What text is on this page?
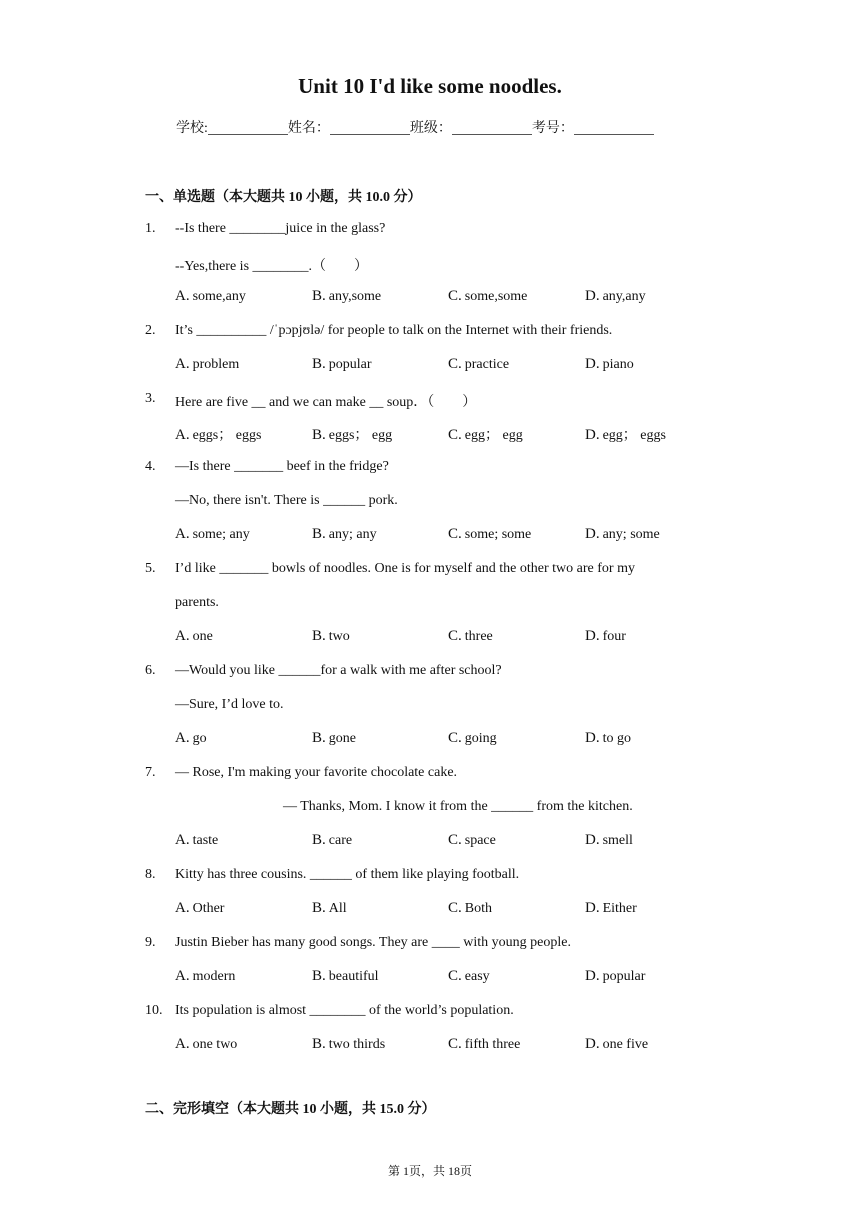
Unit 10 I'd like some noodles.
学校:	姓名：	班级：	考号：
一、单选题（本大题共 10 小题，共 10.0 分）
1. --Is there ________juice in the glass?
--Yes,there is ________.（　　）
A. some,any	B. any,some	C. some,some	D. any,any
2. It’s __________ /ˈpɔpjʊlə/ for people to talk on the Internet with their friends.
A. problem	B. popular	C. practice	D. piano
3. Here are five __ and we can make __ soup．（　　）
A. eggs； eggs	B. eggs； egg	C. egg； egg	D. egg； eggs
4. —Is there _______ beef in the fridge?
—No, there isn't. There is ______ pork.
A. some; any	B. any; any	C. some; some	D. any; some
5. I’d like _______ bowls of noodles. One is for myself and the other two are for my
parents.
A. one	B. two	C. three	D. four
6. —Would you like ______for a walk with me after school?
—Sure, I’d love to.
A. go	B. gone	C. going	D. to go
7. — Rose, I'm making your favorite chocolate cake.
— Thanks, Mom. I know it from the ______ from the kitchen.
A. taste	B. care	C. space	D. smell
8. Kitty has three cousins. ______ of them like playing football.
A. Other	B. All	C. Both	D. Either
9. Justin Bieber has many good songs. They are ____ with young people.
A. modern	B. beautiful	C. easy	D. popular
10. Its population is almost ________ of the world’s population.
A. one two	B. two thirds	C. fifth three	D. one five
二、完形填空（本大题共 10 小题，共 15.0 分）
第 1页，共 18页
